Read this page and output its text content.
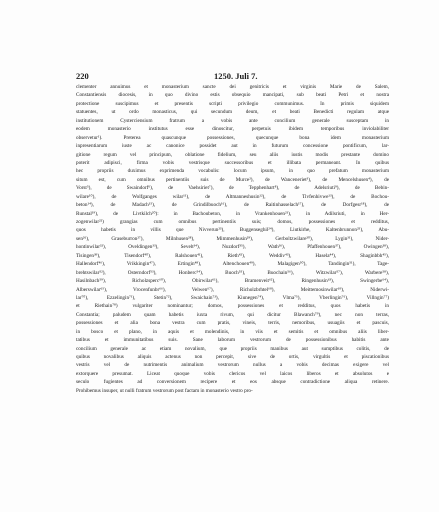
220	1250. Juli 7.
clementer annuimus et monasterium sancte dei genitricis et virginis Marie de Salem,
Constantiensis diocesis, in quo divino estis obsequio mancipati, sub beati Petri et nostra
protectione suscipimus et presentis scripti privilegio communimus. In primis siquidem
statuentes, ut ordo monasticus, qui secundum deum, et beati Benedicti regulam atque
institutionem Cysterciensium fratrum a vobis ante concilium generale susceptam in
eodem monasterio institutus esse dinoscitur, perpetuis ibidem temporibus inviolabiliter
observetur¹). Preterea quascunque possessiones, quecunque bona idem monasterium
inpresentiarum iuste ac canonice possidet aut in futurum concessione pontificum, lar-
gitione regum vel principum, oblatione fidelium, seu aliis iustis modis prestante domino
poterit adipisci, firma vobis vestrisque successoribus et illibata permaneant. In quibus
hec propriis duximus exprimenda vocabulis: locum ipsum, in quo prefatum monasterium
situm est, cum omnibus pertinentiis suis de Murce²), de Wanceneriet³), de Mencelshusen⁴), de
Vorst⁵), de Swaindorf⁶), de Vaehsiriet⁷), de Tepphenhart⁸), de Adelsriuti⁹), de Bebin-
wilare¹⁰), de Wolfganges wilar¹¹), de Altmanneshusin¹²), de Tivfenhivwe¹³), de Bochou-
beton¹⁴), de Madach¹⁵), de Grindilbuoch¹⁶), de Raitinhasselach¹⁷), de Dorfgesr¹⁸), de
Runstal¹⁹), de Livtkilch²⁰): in Bachoubeton, in Vrankenhouen²¹), in Adilsriuti, in Her-
zogenwilar²²) grangias cum omnibus pertinentiis suis; domos, possessiones et redditus,
quos habetis in villis que Nivverun²³), Buggenseghil²⁴), Liutkirhe, Kaltenbrunnon²⁵), Abu-
sen²⁶), Graseburron²⁷), Milnhusen²⁸), Mimmenhusin²⁹), Gerboltzwilare³⁰), Lygin³¹), Nider-
hontinwilar³²), Oveldingen³³), Sevelt³⁴), Nuzdorf³⁵), Wath³⁶), Pfaffenhouen³⁷), Owingen³⁸),
Tisingen³⁹), Tisendorf⁴⁰), Ralshouen⁴¹), Rieth⁴²), Weddiv⁴³), Hasela⁴⁴), Shaginbbh⁴⁵),
Hallendorf⁴⁶), Vrikkingin⁴⁷), Ertingin⁴⁸), Altenchouen⁴⁹), Malagigen⁵⁰), Tandingin⁵¹), Tage-
brehtswilar⁵²), Osterndorf⁵³), Honberc⁵⁴), Buoch⁵⁵), Buochain⁵⁶), Witzwilar⁵⁷), Warbere⁵⁸),
Hasilnbach⁵⁹), Richolzsperc⁶⁰), Obirwilar⁶¹), Bramenveit⁶²), Ringenhusin⁶³), Swingerbe⁶⁴),
Alberswilar⁶⁵), Vrocenfunbr⁶⁶), Velwen⁶⁷), Richolzbrhtel⁶⁸), Meittemosinwilar⁶⁹), Niderwi-
lar⁷⁰), Ezzelingin⁷¹), Stetin⁷²), Swaichain⁷³), Kiunegen⁷⁴), Vlma⁷⁵), Vberlingin⁷⁶), Villngin⁷⁷)
et Riethain⁷⁸) vulgariter nominantur; domos, possessiones et redditus, quos habetis in
Constantia; paludem quam habetis iuxta rivum, qui dicitur Blawanch⁷⁹), nec non terras,
possessiones et alia bona vestra cum pratis, vineis, terris, nemoribus, usuagiis et pascuis,
in bosco et plano, in aquis et molendinis, in viis et semitis et omnibus aliis liber-
tatibus et immunitatibus suis. Sane laborum vestrorum de possessionibus habitis ante
concilium generale ac etiam novalium, que propriis manibus aut sumptibus colitis, de
quibus novalibus aliquis actenus non percepit, sive de ortis, virgultis et piscationibus
vestris vel de nutrimentis animalium vestrorum nullus a vobis decimas exigere vel
extorquere presumat. Liceat quoque vobis clericos vel laicos liberos et absolutos e
seculo fugientes ad conversionem recipere et eos absque contradictione aliqua retinere.
Prohibemus insuper, ut nulli fratrum vestrorum post factam in monasterio vestro pro-
